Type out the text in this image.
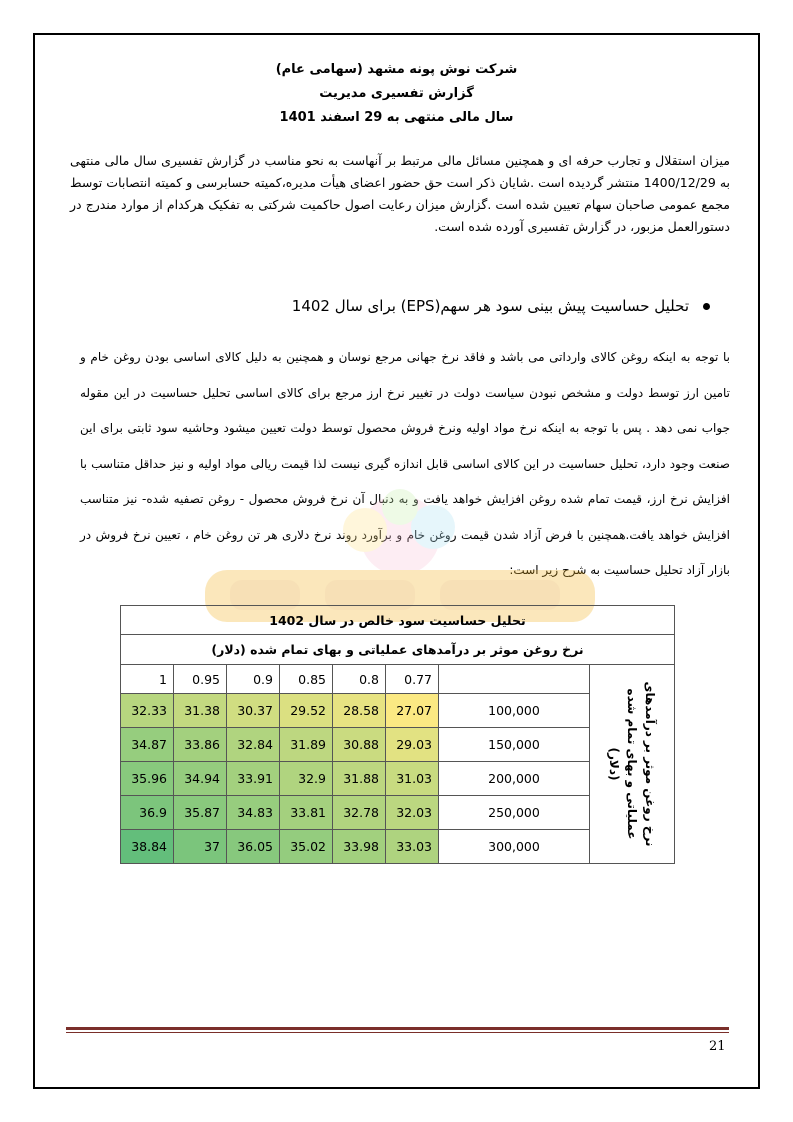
شرکت نوش پونه مشهد (سهامی عام)
گزارش تفسیری مدیریت
سال مالی منتهی به 29 اسفند 1401
میزان استقلال و تجارب حرفه ای و همچنین مسائل مالی مرتبط بر آنهاست به نحو مناسب در گزارش تفسیری سال مالی منتهی به 1400/12/29 منتشر گردیده است .شایان ذکر است حق حضور اعضای هیأت مدیره،کمیته حسابرسی و کمیته انتصابات توسط مجمع عمومی صاحبان سهام تعیین شده است .گزارش میزان رعایت اصول حاکمیت شرکتی به تفکیک هرکدام از موارد مندرج در دستورالعمل مزبور، در گزارش تفسیری آورده شده است.
تحلیل حساسیت پیش بینی سود هر سهم(EPS) برای سال 1402
با توجه به اینکه روغن کالای وارداتی می باشد و فاقد نرخ جهانی مرجع نوسان و همچنین به دلیل کالای اساسی بودن روغن خام و تامین ارز توسط دولت و مشخص نبودن سیاست دولت در تغییر نرخ ارز مرجع برای کالای اساسی تحلیل حساسیت در این مقوله جواب نمی دهد . پس با توجه به اینکه نرخ مواد اولیه ونرخ فروش محصول توسط دولت تعیین میشود وحاشیه سود ثابتی برای این صنعت وجود دارد، تحلیل حساسیت در این کالای اساسی قابل اندازه گیری نیست لذا قیمت ریالی مواد اولیه و نیز حداقل متناسب با افزایش نرخ ارز، قیمت تمام شده روغن افزایش خواهد یافت و به دنبال آن نرخ فروش محصول - روغن تصفیه شده- نیز متناسب افزایش خواهد یافت.همچنین با فرض آزاد شدن قیمت روغن خام و برآورد روند نرخ دلاری هر تن روغن خام ، تعیین نرخ فروش در بازار آزاد تحلیل حساسیت به شرح زیر است:
تحلیل حساسیت سود خالص در سال 1402							
نرخ روغن موثر بر درآمدهای عملیاتی و بهای تمام شده (دلار)							
1	0.95	0.9	0.85	0.8	0.77		نرخ روغن موثر بر درآمدهای عملیاتی و بهای تمام شده (دلار)

32.33	31.38	30.37	29.52	28.58	27.07	100,000	
34.87	33.86	32.84	31.89	30.88	29.03	150,000	
35.96	34.94	33.91	32.9	31.88	31.03	200,000	
36.9	35.87	34.83	33.81	32.78	32.03	250,000	
38.84	37	36.05	35.02	33.98	33.03	300,000	
21
